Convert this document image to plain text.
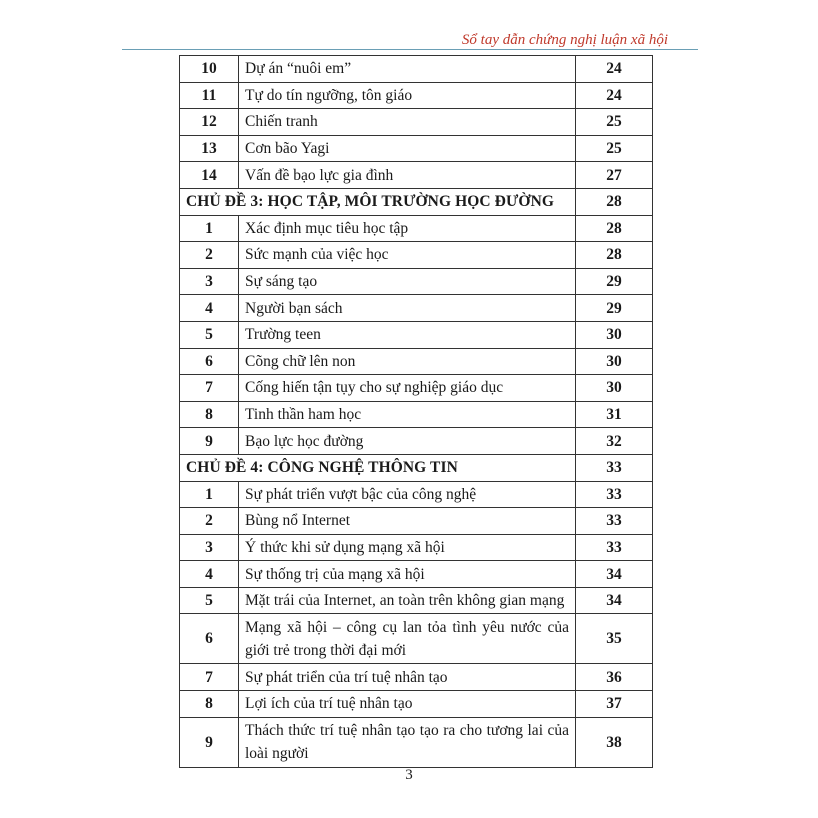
Sổ tay dẫn chứng nghị luận xã hội
10	Dự án “nuôi em”	24
11	Tự do tín ngưỡng, tôn giáo	24
12	Chiến tranh	25
13	Cơn bão Yagi	25
14	Vấn đề bạo lực gia đình	27
CHỦ ĐỀ 3: HỌC TẬP, MÔI TRƯỜNG HỌC ĐƯỜNG		28
1	Xác định mục tiêu học tập	28
2	Sức mạnh của việc học	28
3	Sự sáng tạo	29
4	Người bạn sách	29
5	Trường teen	30
6	Cõng chữ lên non	30
7	Cống hiến tận tụy cho sự nghiệp giáo dục	30
8	Tinh thần ham học	31
9	Bạo lực học đường	32
CHỦ ĐỀ 4: CÔNG NGHỆ THÔNG TIN		33
1	Sự phát triển vượt bậc của công nghệ	33
2	Bùng nổ Internet	33
3	Ý thức khi sử dụng mạng xã hội	33
4	Sự thống trị của mạng xã hội	34
5	Mặt trái của Internet, an toàn trên không gian mạng	34
6	Mạng xã hội – công cụ lan tỏa tình yêu nước của giới trẻ trong thời đại mới	35
7	Sự phát triển của trí tuệ nhân tạo	36
8	Lợi ích của trí tuệ nhân tạo	37
9	Thách thức trí tuệ nhân tạo tạo ra cho tương lai của loài người	38
3
